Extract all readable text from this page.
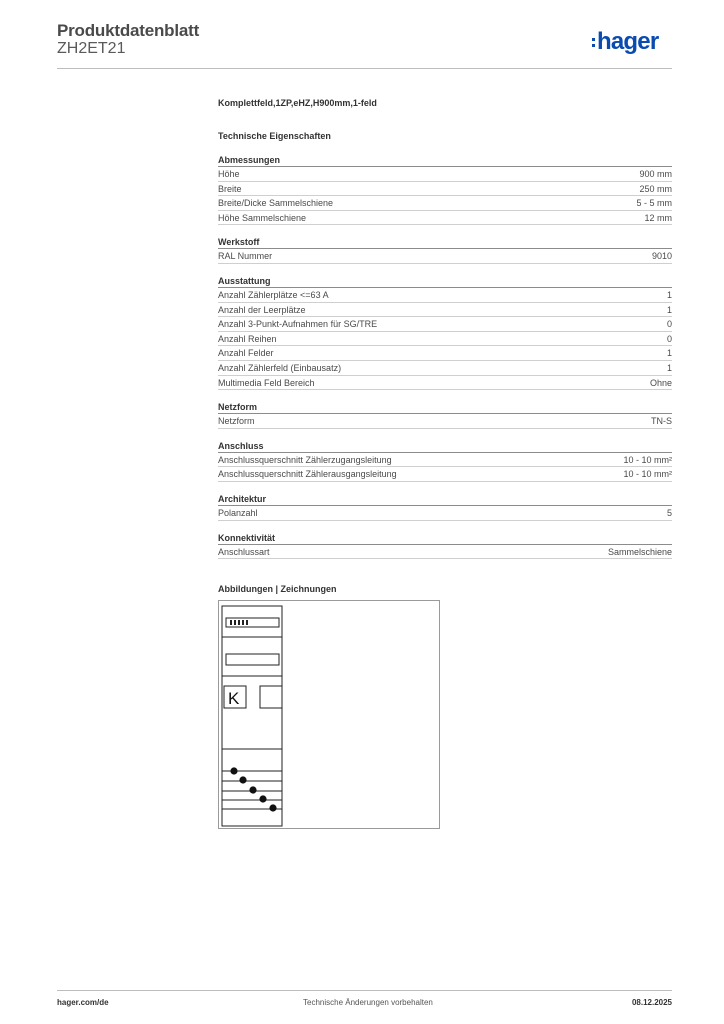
Produktdatenblatt
ZH2ET21	hager
Komplettfeld,1ZP,eHZ,H900mm,1-feld
Technische Eigenschaften
Abmessungen
Höhe	900 mm
Breite	250 mm
Breite/Dicke Sammelschiene	5 - 5 mm
Höhe Sammelschiene	12 mm
Werkstoff
RAL Nummer	9010
Ausstattung
Anzahl Zählerplätze <=63 A	1
Anzahl der Leerplätze	1
Anzahl 3-Punkt-Aufnahmen für SG/TRE	0
Anzahl Reihen	0
Anzahl Felder	1
Anzahl Zählerfeld (Einbausatz)	1
Multimedia Feld Bereich	Ohne
Netzform
Netzform	TN-S
Anschluss
Anschlussquerschnitt Zählerzugangsleitung	10 - 10 mm²
Anschlussquerschnitt Zählerausgangsleitung	10 - 10 mm²
Architektur
Polanzahl	5
Konnektivität
Anschlussart	Sammelschiene
Abbildungen | Zeichnungen
K
hager.com/de	Technische Änderungen vorbehalten	08.12.2025
